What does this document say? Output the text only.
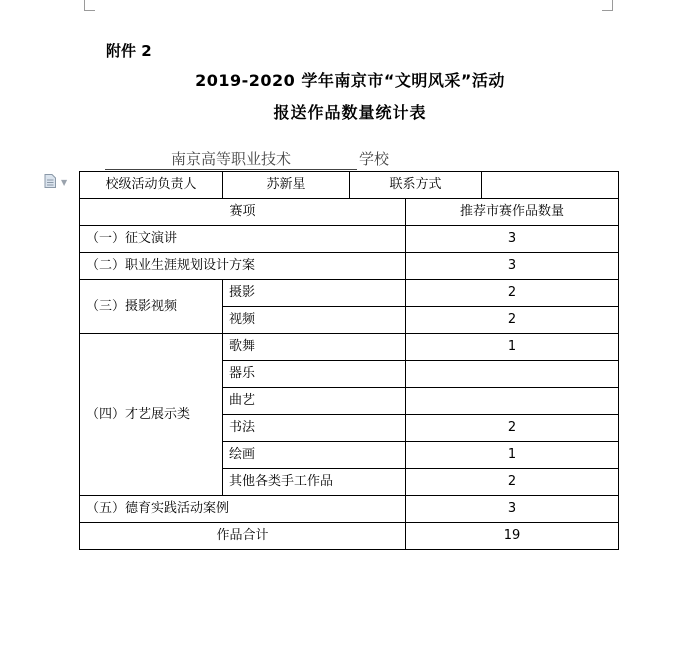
附件 2
2019-2020 学年南京市“文明风采”活动
报送作品数量统计表
南京高等职业技术	学校
▼	校级活动负责人	苏新星	联系方式		
赛项			推荐市赛作品数量	
（一）征文演讲			3	
（二）职业生涯规划设计方案			3	
（三）摄影视频	摄影		2	
	视频		2	
（四）才艺展示类	歌舞		1	
	器乐			
	曲艺			
	书法		2	
	绘画		1	
	其他各类手工作品		2	
（五）德育实践活动案例			3	
作品合计			19	
